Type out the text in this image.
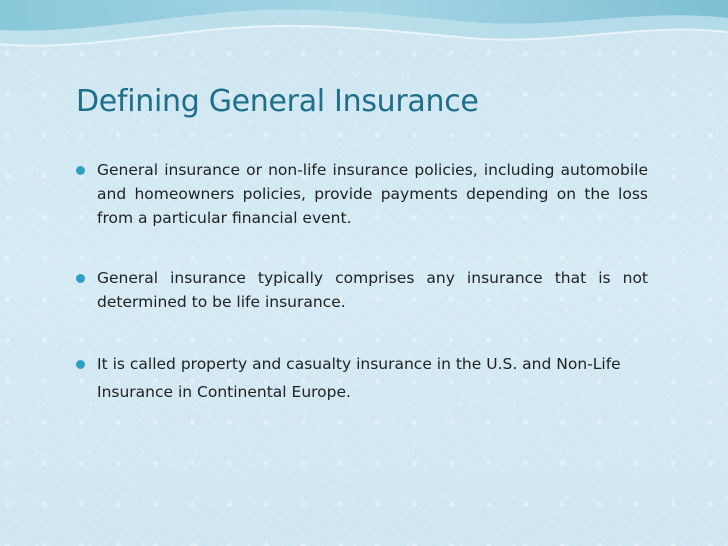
Defining General Insurance
General insurance or non-life insurance policies, including automobile and homeowners policies, provide payments depending on the loss from a particular financial event.
General insurance typically comprises any insurance that is not determined to be life insurance.
It is called property and casualty insurance in the U.S. and Non-Life Insurance in Continental Europe.
